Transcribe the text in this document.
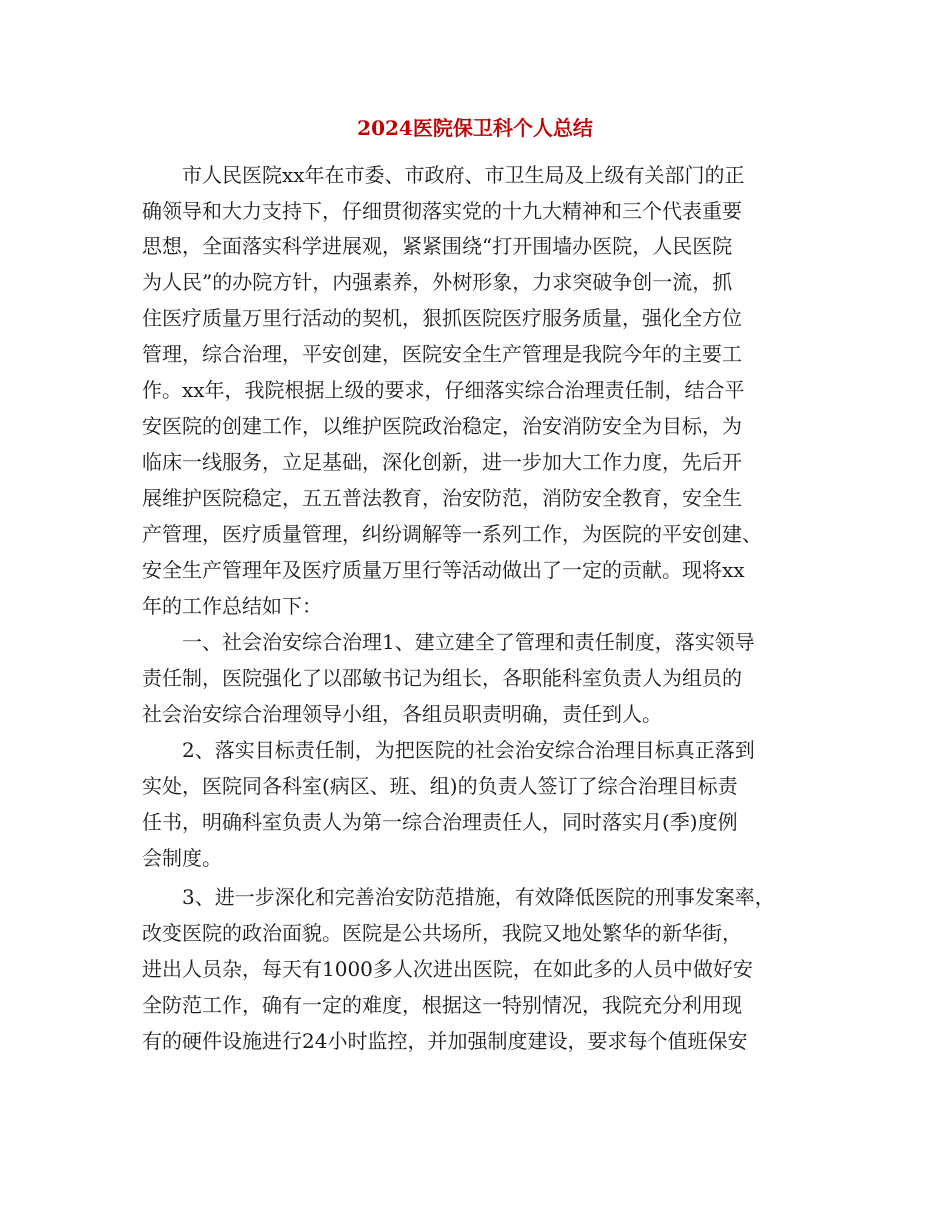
2024医院保卫科个人总结

　　市人民医院xx年在市委、市政府、市卫生局及上级有关部门的正

确领导和大力支持下，仔细贯彻落实党的十九大精神和三个代表重要

思想，全面落实科学进展观，紧紧围绕“打开围墙办医院，人民医院

为人民”的办院方针，内强素养，外树形象，力求突破争创一流，抓

住医疗质量万里行活动的契机，狠抓医院医疗服务质量，强化全方位

管理，综合治理，平安创建，医院安全生产管理是我院今年的主要工

作。xx年，我院根据上级的要求，仔细落实综合治理责任制，结合平

安医院的创建工作，以维护医院政治稳定，治安消防安全为目标，为

临床一线服务，立足基础，深化创新，进一步加大工作力度，先后开

展维护医院稳定，五五普法教育，治安防范，消防安全教育，安全生

产管理，医疗质量管理，纠纷调解等一系列工作，为医院的平安创建、

安全生产管理年及医疗质量万里行等活动做出了一定的贡献。现将xx

年的工作总结如下：

　　一、社会治安综合治理1、建立建全了管理和责任制度，落实领导

责任制，医院强化了以邵敏书记为组长，各职能科室负责人为组员的

社会治安综合治理领导小组，各组员职责明确，责任到人。

　　2、落实目标责任制，为把医院的社会治安综合治理目标真正落到

实处，医院同各科室(病区、班、组)的负责人签订了综合治理目标责

任书，明确科室负责人为第一综合治理责任人，同时落实月(季)度例

会制度。

　　3、进一步深化和完善治安防范措施，有效降低医院的刑事发案率，

改变医院的政治面貌。医院是公共场所，我院又地处繁华的新华街，

进出人员杂，每天有1000多人次进出医院，在如此多的人员中做好安

全防范工作，确有一定的难度，根据这一特别情况，我院充分利用现

有的硬件设施进行24小时监控，并加强制度建设，要求每个值班保安
